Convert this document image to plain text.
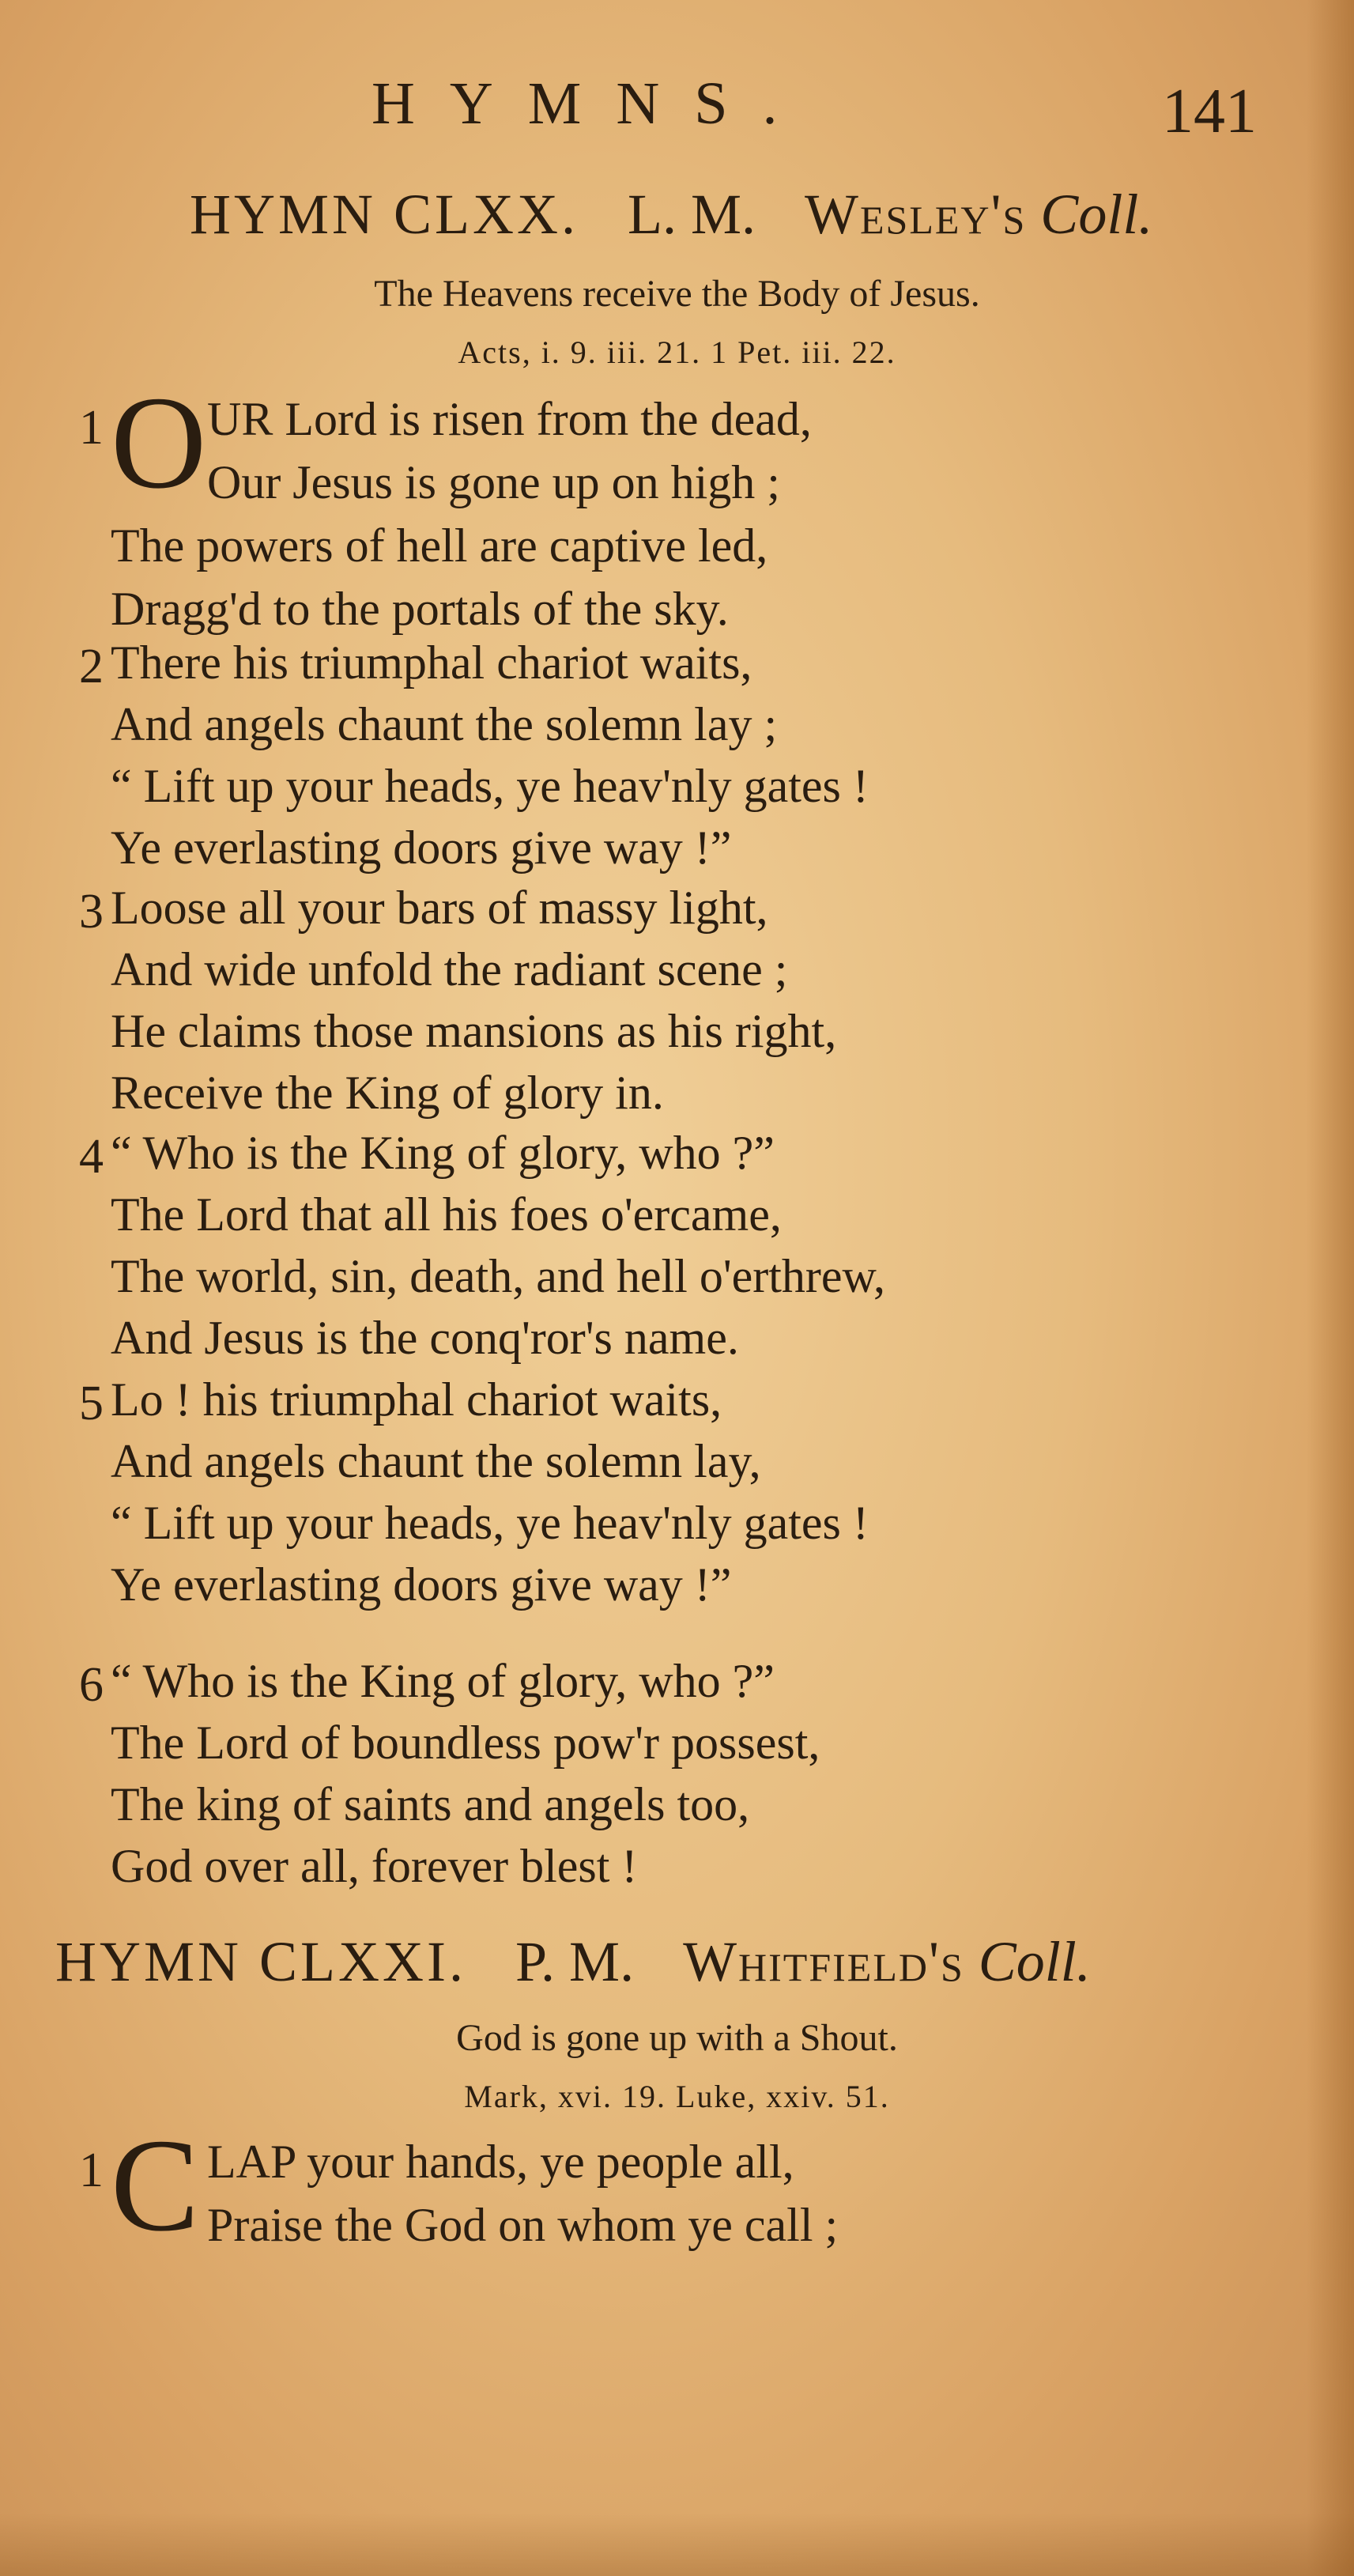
HYMNS.	141
HYMN CLXX. L. M. Wesley's Coll.
The Heavens receive the Body of Jesus.
Acts, i. 9. iii. 21. 1 Pet. iii. 22.
1 O UR Lord is risen from the dead,
Our Jesus is gone up on high ;
The powers of hell are captive led,
Dragg'd to the portals of the sky.
2 There his triumphal chariot waits,
And angels chaunt the solemn lay ;
“ Lift up your heads, ye heav'nly gates !
Ye everlasting doors give way !”
3 Loose all your bars of massy light,
And wide unfold the radiant scene ;
He claims those mansions as his right,
Receive the King of glory in.
4 “ Who is the King of glory, who ?”
The Lord that all his foes o'ercame,
The world, sin, death, and hell o'erthrew,
And Jesus is the conq'ror's name.
5 Lo ! his triumphal chariot waits,
And angels chaunt the solemn lay,
“ Lift up your heads, ye heav'nly gates !
Ye everlasting doors give way !”
6 “ Who is the King of glory, who ?”
The Lord of boundless pow'r possest,
The king of saints and angels too,
God over all, forever blest !
HYMN CLXXI. P. M. Whitfield's Coll.
God is gone up with a Shout.
Mark, xvi. 19. Luke, xxiv. 51.
1 C LAP your hands, ye people all,
Praise the God on whom ye call ;
